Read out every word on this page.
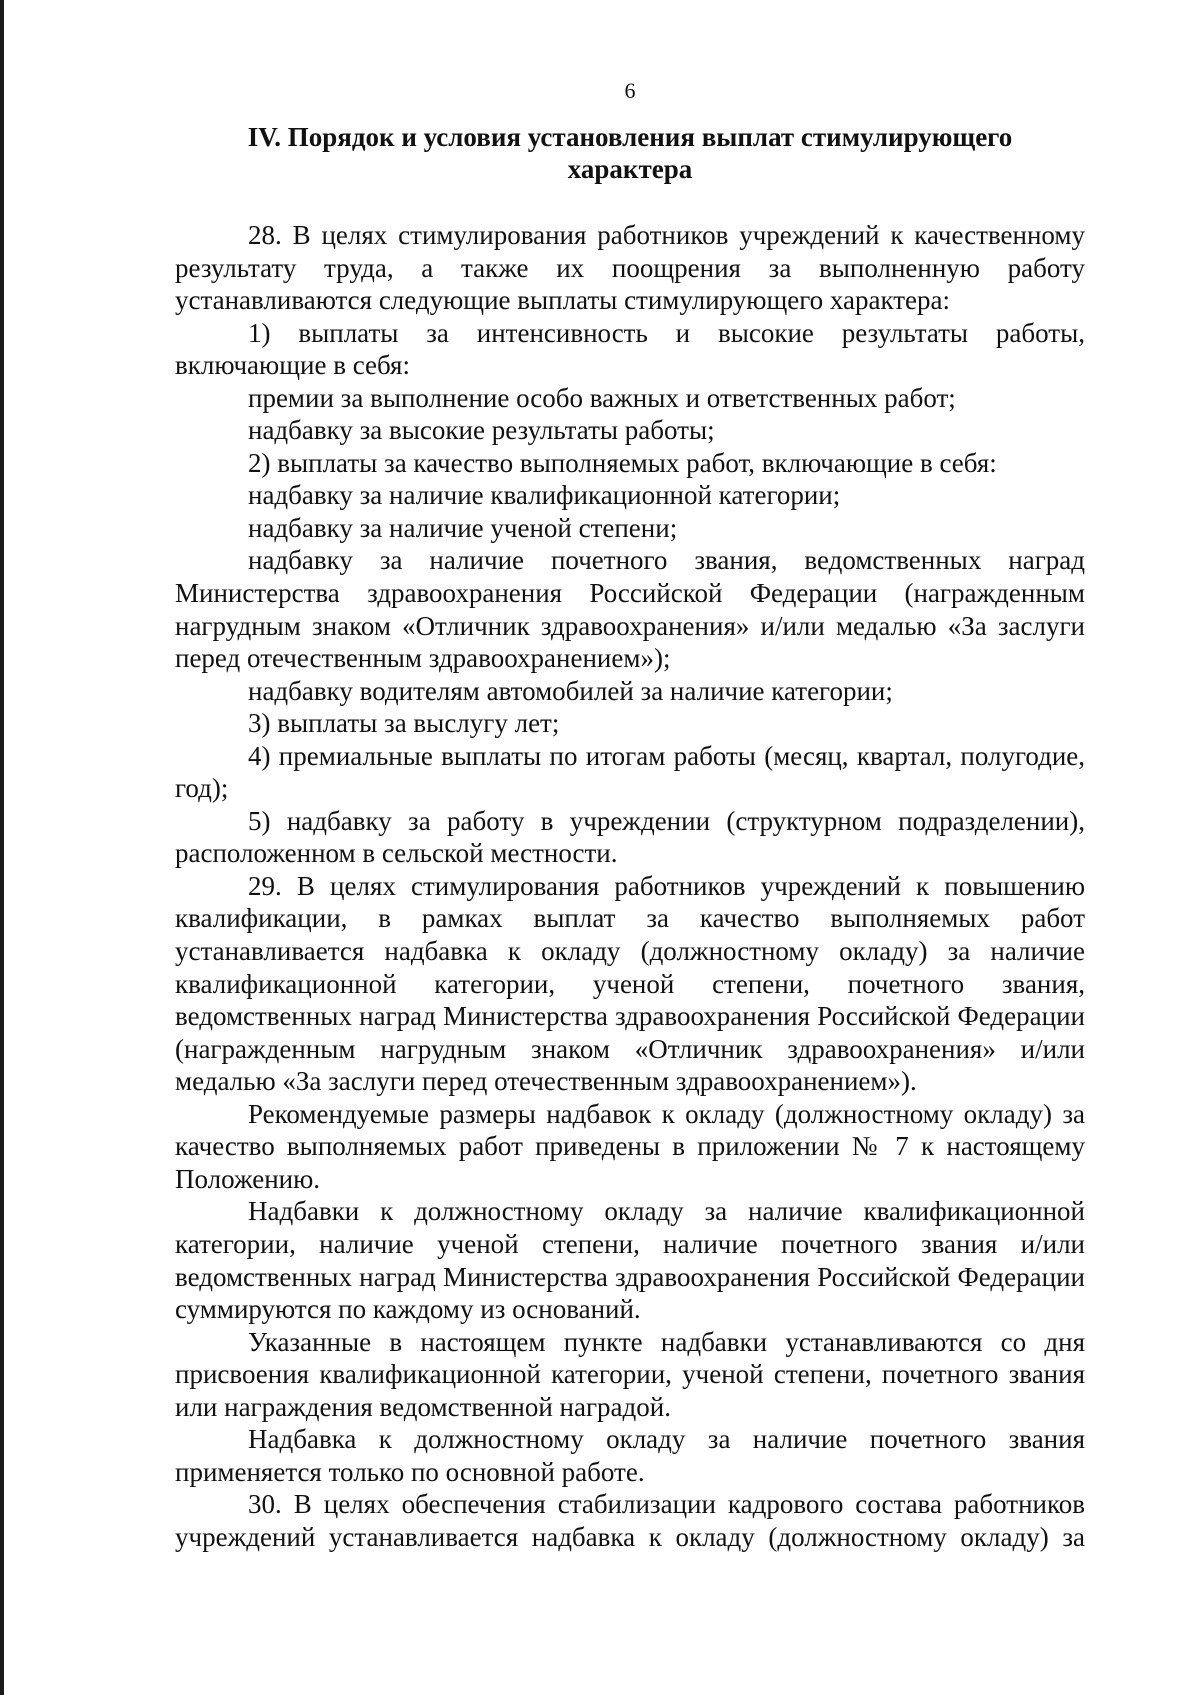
6
IV. Порядок и условия установления выплат стимулирующего
характера

28. В целях стимулирования работников учреждений к качественному результату труда, а также их поощрения за выполненную работу устанавливаются следующие выплаты стимулирующего характера:

1) выплаты за интенсивность и высокие результаты работы, включающие в себя:

премии за выполнение особо важных и ответственных работ;

надбавку за высокие результаты работы;

2) выплаты за качество выполняемых работ, включающие в себя:

надбавку за наличие квалификационной категории;

надбавку за наличие ученой степени;

надбавку за наличие почетного звания, ведомственных наград Министерства здравоохранения Российской Федерации (награжденным нагрудным знаком «Отличник здравоохранения» и/или медалью «За заслуги перед отечественным здравоохранением»);

надбавку водителям автомобилей за наличие категории;

3) выплаты за выслугу лет;

4) премиальные выплаты по итогам работы (месяц, квартал, полугодие, год);

5) надбавку за работу в учреждении (структурном подразделении), расположенном в сельской местности.

29. В целях стимулирования работников учреждений к повышению квалификации, в рамках выплат за качество выполняемых работ устанавливается надбавка к окладу (должностному окладу) за наличие квалификационной категории, ученой степени, почетного звания, ведомственных наград Министерства здравоохранения Российской Федерации (награжденным нагрудным знаком «Отличник здравоохранения» и/или медалью «За заслуги перед отечественным здравоохранением»).

Рекомендуемые размеры надбавок к окладу (должностному окладу) за качество выполняемых работ приведены в приложении № 7 к настоящему Положению.

Надбавки к должностному окладу за наличие квалификационной категории, наличие ученой степени, наличие почетного звания и/или ведомственных наград Министерства здравоохранения Российской Федерации суммируются по каждому из оснований.

Указанные в настоящем пункте надбавки устанавливаются со дня присвоения квалификационной категории, ученой степени, почетного звания или награждения ведомственной наградой.

Надбавка к должностному окладу за наличие почетного звания применяется только по основной работе.

30. В целях обеспечения стабилизации кадрового состава работников учреждений устанавливается надбавка к окладу (должностному окладу) за
